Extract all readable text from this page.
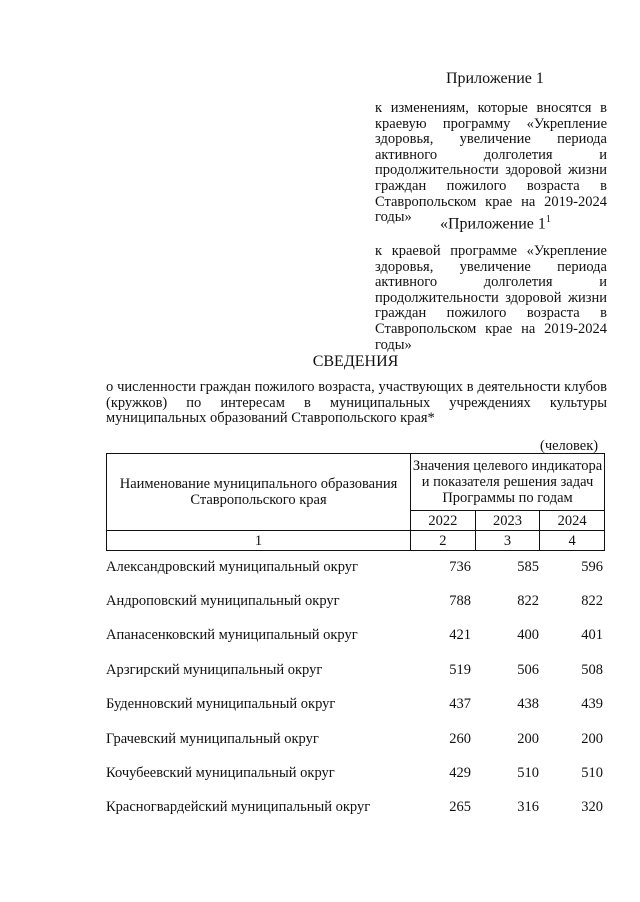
Приложение 1
к изменениям, которые вносятся в краевую программу «Укрепление здоровья, увеличение периода активного долголетия и продолжительности здоровой жизни граждан пожилого возраста в Ставропольском крае на 2019-2024 годы»	«Приложение $1^1$
к краевой программе «Укрепление здоровья, увеличение периода активного долголетия и продолжительности здоровой жизни граждан пожилого возраста в Ставропольском крае на 2019-2024 годы»
СВЕДЕНИЯ
о численности граждан пожилого возраста, участвующих в деятельности клубов (кружков) по интересам в муниципальных учреждениях культуры муниципальных образований Ставропольского края*
(человек)
Наименование муниципального образования Ставропольского края	Значения целевого индикатора и показателя решения задач Программы по годам		
	2022	2023	2024
1	2	3	4
Александровский муниципальный округ	736	585	596
Андроповский муниципальный округ	788	822	822
Апанасенковский муниципальный округ	421	400	401
Арзгирский муниципальный округ	519	506	508
Буденновский муниципальный округ	437	438	439
Грачевский муниципальный округ	260	200	200
Кочубеевский муниципальный округ	429	510	510
Красногвардейский муниципальный округ	265	316	320
